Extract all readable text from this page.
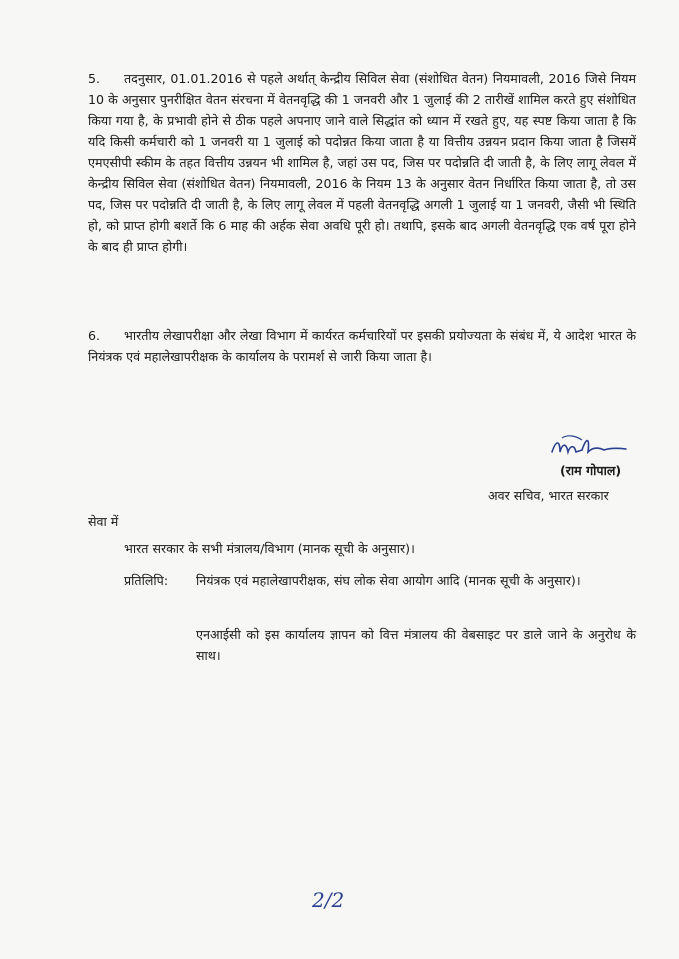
5. तदनुसार, 01.01.2016 से पहले अर्थात् केन्द्रीय सिविल सेवा (संशोधित वेतन) नियमावली, 2016 जिसे नियम 10 के अनुसार पुनरीक्षित वेतन संरचना में वेतनवृद्धि की 1 जनवरी और 1 जुलाई की 2 तारीखें शामिल करते हुए संशोधित किया गया है, के प्रभावी होने से ठीक पहले अपनाए जाने वाले सिद्धांत को ध्यान में रखते हुए, यह स्पष्ट किया जाता है कि यदि किसी कर्मचारी को 1 जनवरी या 1 जुलाई को पदोन्नत किया जाता है या वित्तीय उन्नयन प्रदान किया जाता है जिसमें एमएसीपी स्कीम के तहत वित्तीय उन्नयन भी शामिल है, जहां उस पद, जिस पर पदोन्नति दी जाती है, के लिए लागू लेवल में केन्द्रीय सिविल सेवा (संशोधित वेतन) नियमावली, 2016 के नियम 13 के अनुसार वेतन निर्धारित किया जाता है, तो उस पद, जिस पर पदोन्नति दी जाती है, के लिए लागू लेवल में पहली वेतनवृद्धि अगली 1 जुलाई या 1 जनवरी, जैसी भी स्थिति हो, को प्राप्त होगी बशर्ते कि 6 माह की अर्हक सेवा अवधि पूरी हो। तथापि, इसके बाद अगली वेतनवृद्धि एक वर्ष पूरा होने के बाद ही प्राप्त होगी।

6. भारतीय लेखापरीक्षा और लेखा विभाग में कार्यरत कर्मचारियों पर इसकी प्रयोज्यता के संबंध में, ये आदेश भारत के नियंत्रक एवं महालेखापरीक्षक के कार्यालय के परामर्श से जारी किया जाता है।

(राम गोपाल)
अवर सचिव, भारत सरकार
सेवा में
भारत सरकार के सभी मंत्रालय/विभाग (मानक सूची के अनुसार)।
प्रतिलिपि: नियंत्रक एवं महालेखापरीक्षक, संघ लोक सेवा आयोग आदि (मानक सूची के अनुसार)।
एनआईसी को इस कार्यालय ज्ञापन को वित्त मंत्रालय की वेबसाइट पर डाले जाने के अनुरोध के साथ।
2/2
